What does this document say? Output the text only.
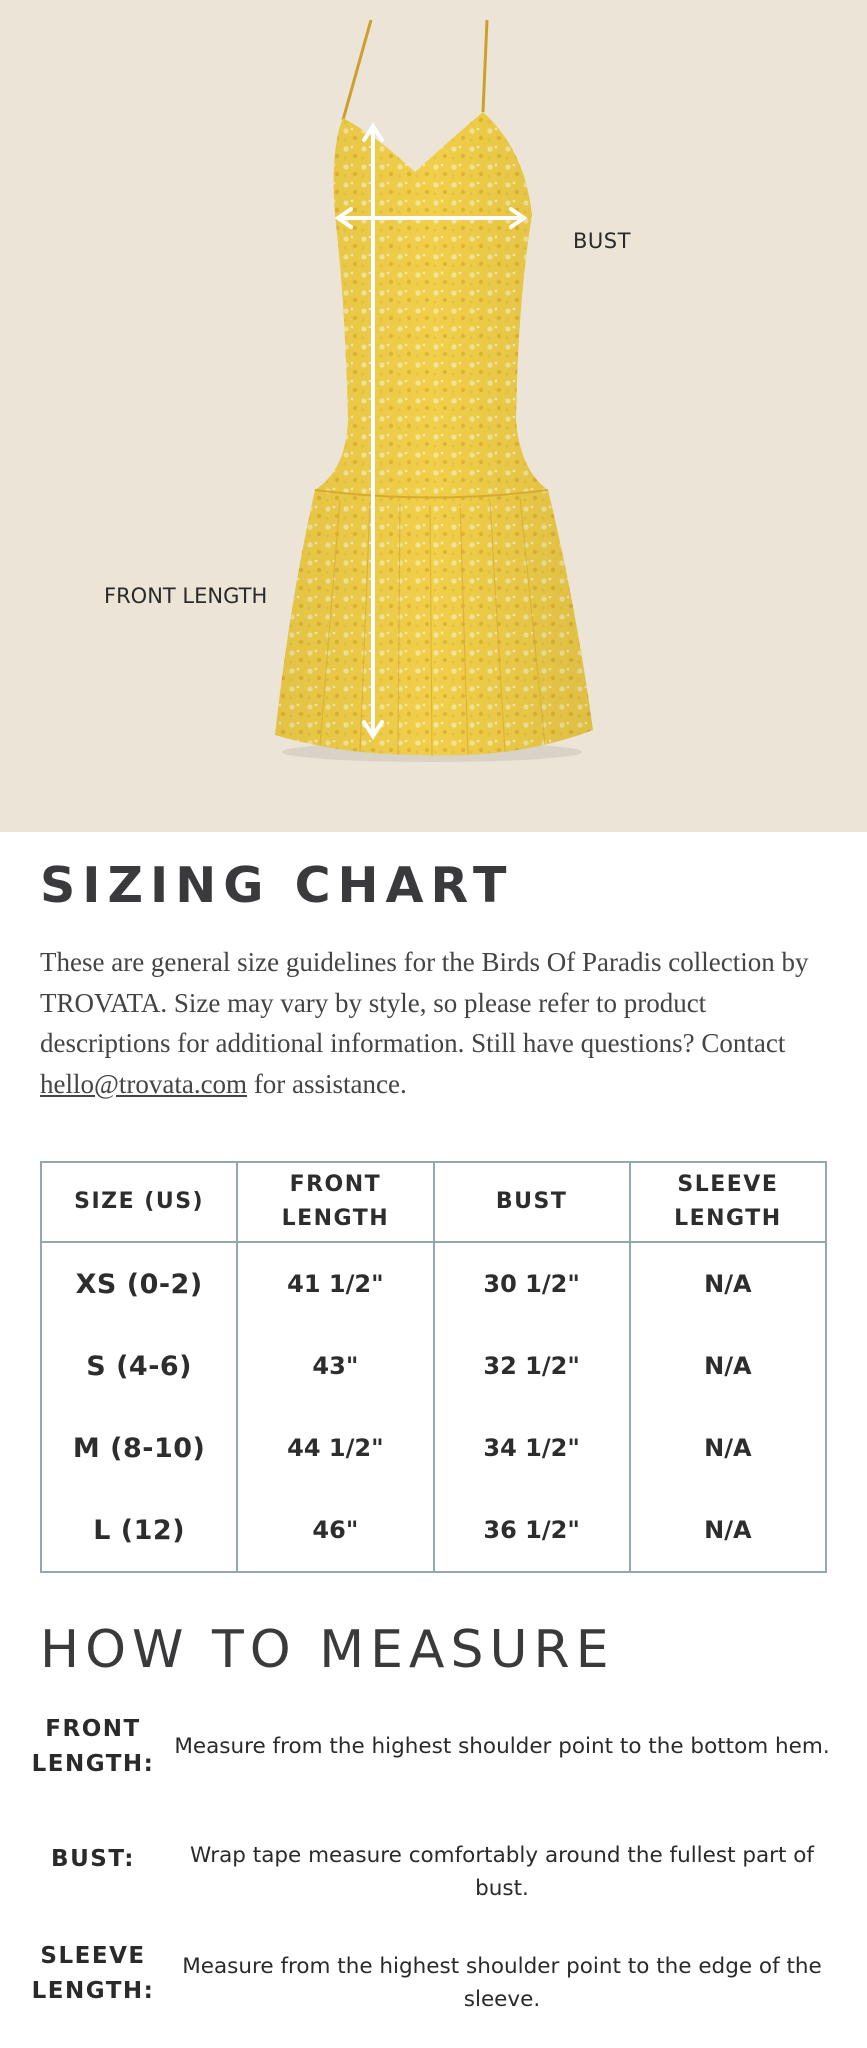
BUST
FRONT LENGTH
SIZING CHART

These are general size guidelines for the Birds Of Paradis collection by TROVATA. Size may vary by style, so please refer to product descriptions for additional information. Still have questions? Contact hello@trovata.com for assistance.

SIZE (US)	FRONT LENGTH	BUST	SLEEVE LENGTH
XS (0-2)	41 1/2"	30 1/2"	N/A
S (4-6)	43"	32 1/2"	N/A
M (8-10)	44 1/2"	34 1/2"	N/A
L (12)	46"	36 1/2"	N/A
HOW TO MEASURE
FRONT LENGTH:
Measure from the highest shoulder point to the bottom hem.
BUST:	Wrap tape measure comfortably around the fullest part of bust.
SLEEVE LENGTH:
Measure from the highest shoulder point to the edge of the sleeve.
